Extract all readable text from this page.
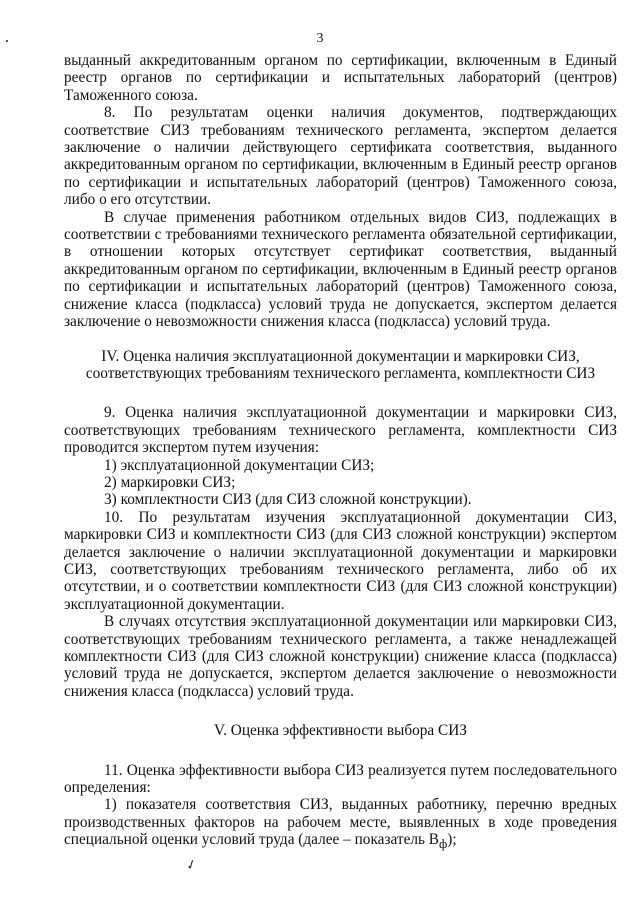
3

выданный аккредитованным органом по сертификации, включенным в Единый реестр органов по сертификации и испытательных лабораторий (центров) Таможенного союза.

8. По результатам оценки наличия документов, подтверждающих соответствие СИЗ требованиям технического регламента, экспертом делается заключение о наличии действующего сертификата соответствия, выданного аккредитованным органом по сертификации, включенным в Единый реестр органов по сертификации и испытательных лабораторий (центров) Таможенного союза, либо о его отсутствии.

В случае применения работником отдельных видов СИЗ, подлежащих в соответствии с требованиями технического регламента обязательной сертификации, в отношении которых отсутствует сертификат соответствия, выданный аккредитованным органом по сертификации, включенным в Единый реестр органов по сертификации и испытательных лабораторий (центров) Таможенного союза, снижение класса (подкласса) условий труда не допускается, экспертом делается заключение о невозможности снижения класса (подкласса) условий труда.

IV. Оценка наличия эксплуатационной документации и маркировки СИЗ,

соответствующих требованиям технического регламента, комплектности СИЗ

9. Оценка наличия эксплуатационной документации и маркировки СИЗ, соответствующих требованиям технического регламента, комплектности СИЗ проводится экспертом путем изучения:

1) эксплуатационной документации СИЗ;

2) маркировки СИЗ;

3) комплектности СИЗ (для СИЗ сложной конструкции).

10. По результатам изучения эксплуатационной документации СИЗ, маркировки СИЗ и комплектности СИЗ (для СИЗ сложной конструкции) экспертом делается заключение о наличии эксплуатационной документации и маркировки СИЗ, соответствующих требованиям технического регламента, либо об их отсутствии, и о соответствии комплектности СИЗ (для СИЗ сложной конструкции) эксплуатационной документации.

В случаях отсутствия эксплуатационной документации или маркировки СИЗ, соответствующих требованиям технического регламента, а также ненадлежащей комплектности СИЗ (для СИЗ сложной конструкции) снижение класса (подкласса) условий труда не допускается, экспертом делается заключение о невозможности снижения класса (подкласса) условий труда.

V. Оценка эффективности выбора СИЗ

11. Оценка эффективности выбора СИЗ реализуется путем последовательного определения:

1) показателя соответствия СИЗ, выданных работнику, перечню вредных производственных факторов на рабочем месте, выявленных в ходе проведения специальной оценки условий труда (далее – показатель $В_ф$);

✓
